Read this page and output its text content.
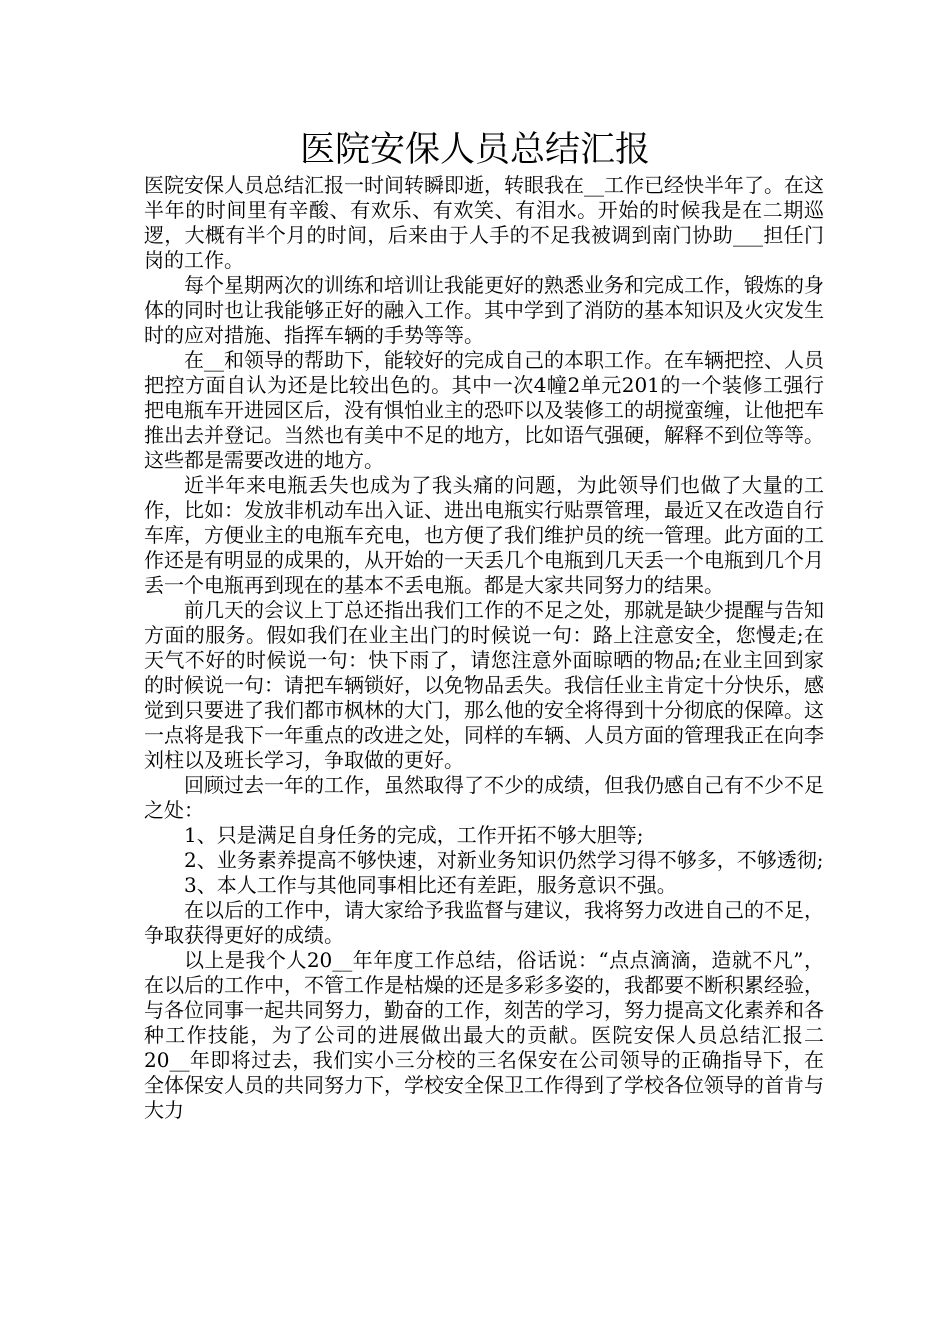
医院安保人员总结汇报

医院安保人员总结汇报一时间转瞬即逝，转眼我在__工作已经快半年了。在这半年的时间里有辛酸、有欢乐、有欢笑、有泪水。开始的时候我是在二期巡逻，大概有半个月的时间，后来由于人手的不足我被调到南门协助___担任门岗的工作。

每个星期两次的训练和培训让我能更好的熟悉业务和完成工作，锻炼的身体的同时也让我能够正好的融入工作。其中学到了消防的基本知识及火灾发生时的应对措施、指挥车辆的手势等等。

在__和领导的帮助下，能较好的完成自己的本职工作。在车辆把控、人员把控方面自认为还是比较出色的。其中一次4幢2单元201的一个装修工强行把电瓶车开进园区后，没有惧怕业主的恐吓以及装修工的胡搅蛮缠，让他把车推出去并登记。当然也有美中不足的地方，比如语气强硬，解释不到位等等。这些都是需要改进的地方。

近半年来电瓶丢失也成为了我头痛的问题，为此领导们也做了大量的工作，比如：发放非机动车出入证、进出电瓶实行贴票管理，最近又在改造自行车库，方便业主的电瓶车充电，也方便了我们维护员的统一管理。此方面的工作还是有明显的成果的，从开始的一天丢几个电瓶到几天丢一个电瓶到几个月丢一个电瓶再到现在的基本不丢电瓶。都是大家共同努力的结果。

前几天的会议上丁总还指出我们工作的不足之处，那就是缺少提醒与告知方面的服务。假如我们在业主出门的时候说一句：路上注意安全，您慢走;在天气不好的时候说一句：快下雨了，请您注意外面晾晒的物品;在业主回到家的时候说一句：请把车辆锁好，以免物品丢失。我信任业主肯定十分快乐，感觉到只要进了我们都市枫林的大门，那么他的安全将得到十分彻底的保障。这一点将是我下一年重点的改进之处，同样的车辆、人员方面的管理我正在向李刘柱以及班长学习，争取做的更好。

回顾过去一年的工作，虽然取得了不少的成绩，但我仍感自己有不少不足之处：

1、只是满足自身任务的完成，工作开拓不够大胆等;

2、业务素养提高不够快速，对新业务知识仍然学习得不够多，不够透彻;

3、本人工作与其他同事相比还有差距，服务意识不强。

在以后的工作中，请大家给予我监督与建议，我将努力改进自己的不足，争取获得更好的成绩。

以上是我个人20__年年度工作总结，俗话说：“点点滴滴，造就不凡”，在以后的工作中，不管工作是枯燥的还是多彩多姿的，我都要不断积累经验，与各位同事一起共同努力，勤奋的工作，刻苦的学习，努力提高文化素养和各种工作技能，为了公司的进展做出最大的贡献。医院安保人员总结汇报二20__年即将过去，我们实小三分校的三名保安在公司领导的正确指导下，在全体保安人员的共同努力下，学校安全保卫工作得到了学校各位领导的首肯与大力
